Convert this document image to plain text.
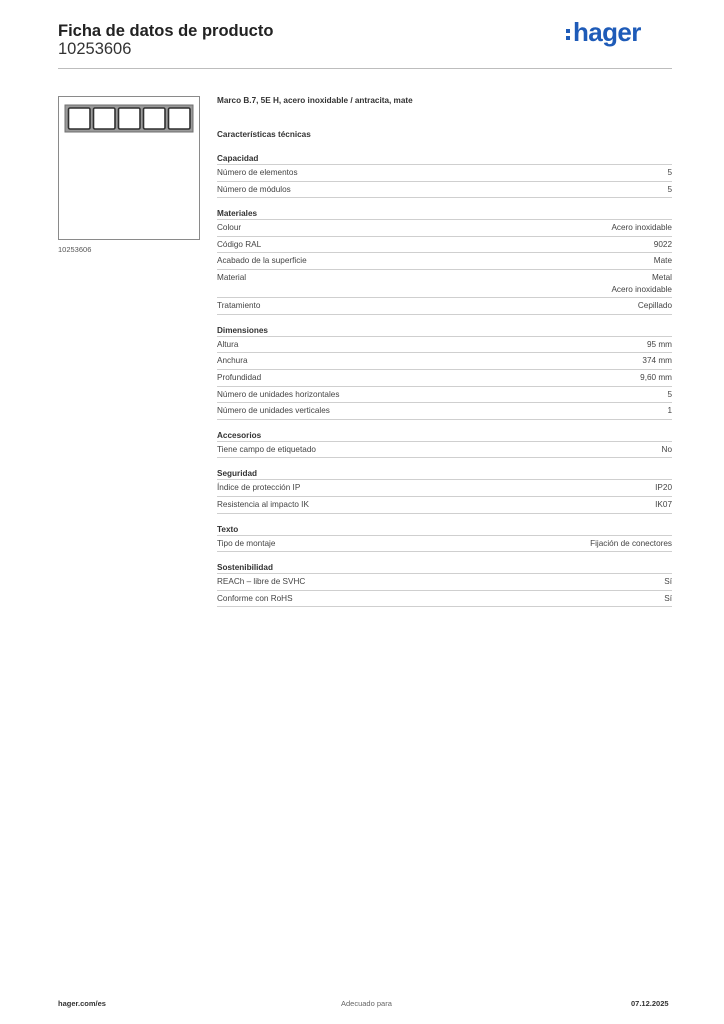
Ficha de datos de producto
10253606
hager
10253606
Marco B.7, 5E H, acero inoxidable / antracita, mate
Características técnicas
Capacidad
Número de elementos	5
Número de módulos	5
Materiales
Colour	Acero inoxidable
Código RAL	9022
Acabado de la superficie	Mate
Material	Metal
Acero inoxidable
Tratamiento	Cepillado
Dimensiones
Altura	95 mm
Anchura	374 mm
Profundidad	9,60 mm
Número de unidades horizontales	5
Número de unidades verticales	1
Accesorios
Tiene campo de etiquetado	No
Seguridad
Índice de protección IP	IP20
Resistencia al impacto IK	IK07
Texto
Tipo de montaje	Fijación de conectores
Sostenibilidad
REACh – libre de SVHC	Sí
Conforme con RoHS	Sí
hager.com/es	Adecuado para	07.12.2025
